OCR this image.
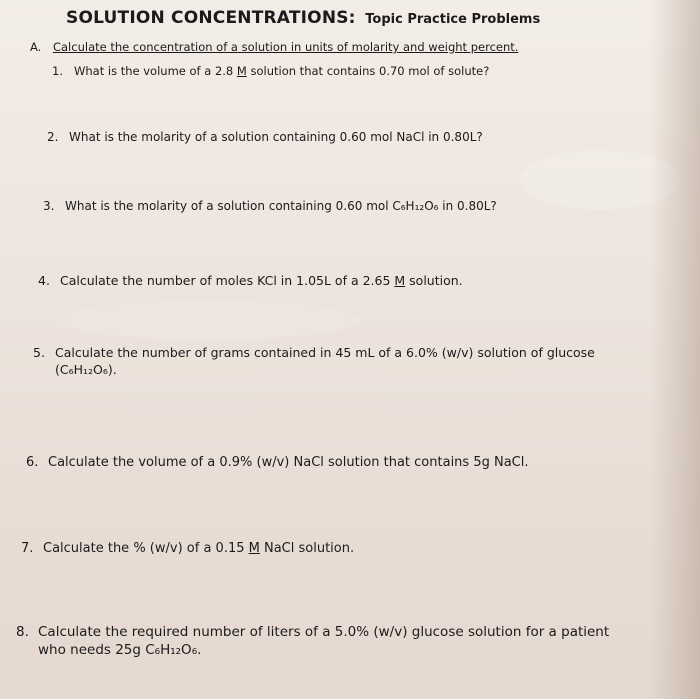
SOLUTION CONCENTRATIONS: Topic Practice Problems
A. Calculate the concentration of a solution in units of molarity and weight percent.
1. What is the volume of a 2.8 M solution that contains 0.70 mol of solute?
2. What is the molarity of a solution containing 0.60 mol NaCl in 0.80L?
3. What is the molarity of a solution containing 0.60 mol C₆H₁₂O₆ in 0.80L?
4. Calculate the number of moles KCl in 1.05L of a 2.65 M solution.
5. Calculate the number of grams contained in 45 mL of a 6.0% (w/v) solution of glucose
(C₆H₁₂O₆).
6. Calculate the volume of a 0.9% (w/v) NaCl solution that contains 5g NaCl.
7. Calculate the % (w/v) of a 0.15 M NaCl solution.
8. Calculate the required number of liters of a 5.0% (w/v) glucose solution for a patient
who needs 25g C₆H₁₂O₆.
